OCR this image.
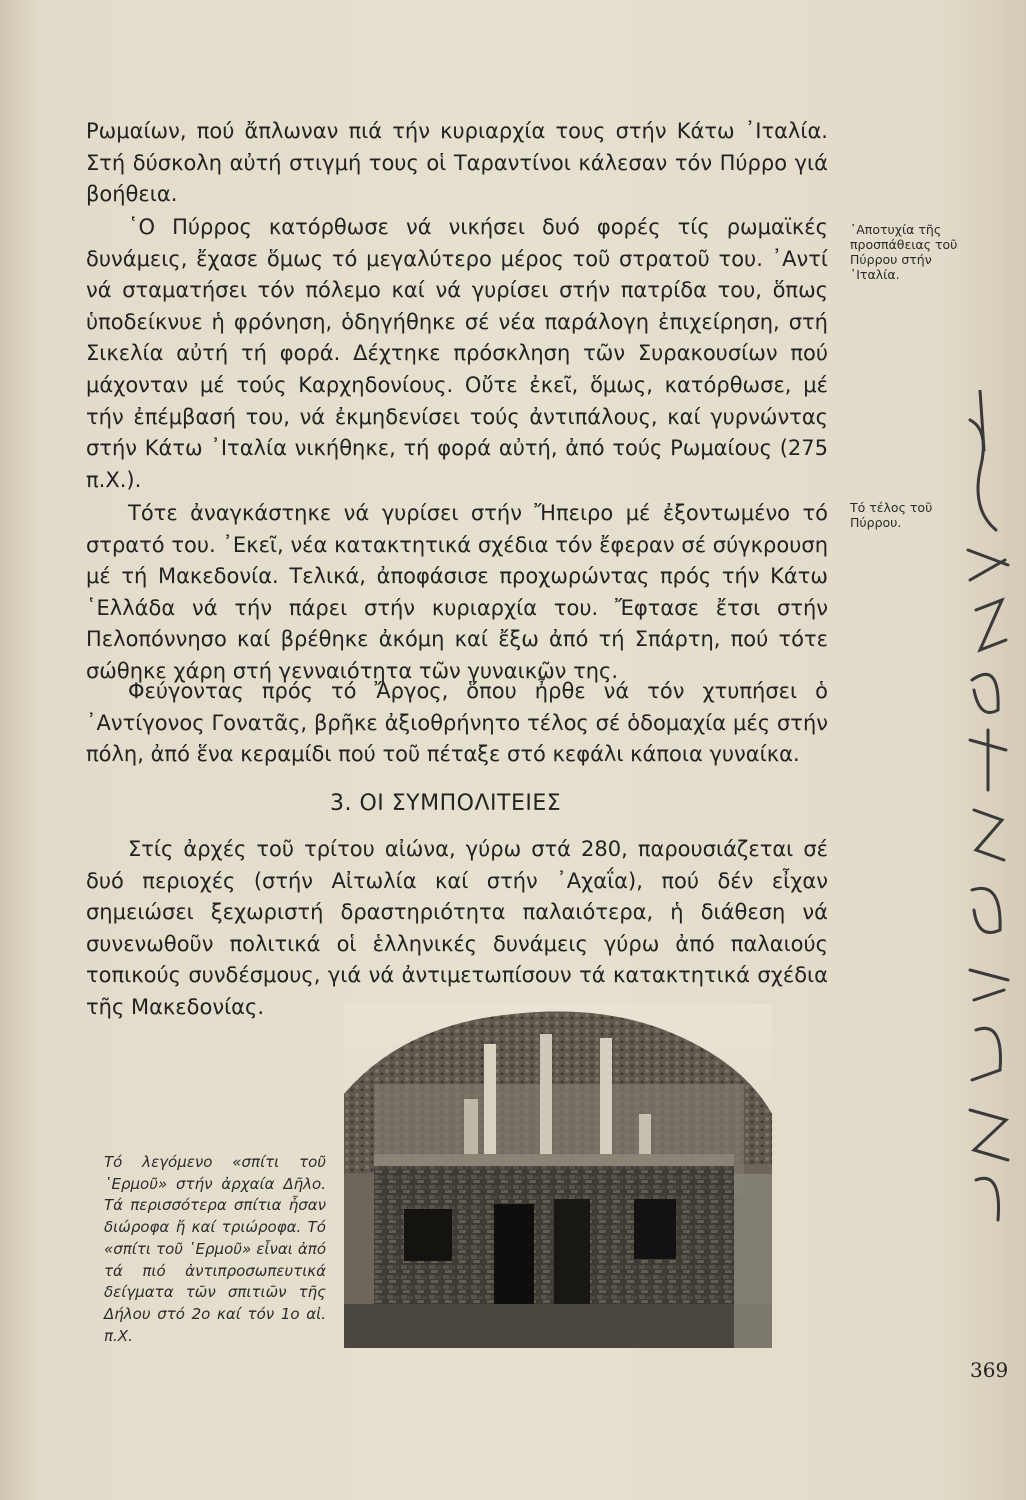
Ρωμαίων, πού ἄπλωναν πιά τήν κυριαρχία τους στήν Κάτω ᾿Ιταλία. Στή δύσκολη αὐτή στιγμή τους οἱ Ταραντίνοι κάλεσαν τόν Πύρρο γιά βοήθεια.

῾Ο Πύρρος κατόρθωσε νά νικήσει δυό φορές τίς ρωμαϊκές δυνάμεις, ἔχασε ὅμως τό μεγαλύτερο μέρος τοῦ στρατοῦ του. ᾿Αντί νά σταματήσει τόν πόλεμο καί νά γυρίσει στήν πατρίδα του, ὅπως ὑποδείκνυε ἡ φρόνηση, ὁδηγήθηκε σέ νέα παράλογη ἐπιχείρηση, στή Σικελία αὐτή τή φορά. Δέχτηκε πρόσκληση τῶν Συρακουσίων πού μάχονταν μέ τούς Καρχηδονίους. Οὔτε ἐκεῖ, ὅμως, κατόρθωσε, μέ τήν ἐπέμβασή του, νά ἐκμηδενίσει τούς ἀντιπάλους, καί γυρνώντας στήν Κάτω ᾿Ιταλία νικήθηκε, τή φορά αὐτή, ἀπό τούς Ρωμαίους (275 π.Χ.).

Τότε ἀναγκάστηκε νά γυρίσει στήν Ἤπειρο μέ ἐξοντωμένο τό στρατό του. ᾿Εκεῖ, νέα κατακτητικά σχέδια τόν ἔφεραν σέ σύγκρουση μέ τή Μακεδονία. Τελικά, ἀποφάσισε προχωρώντας πρός τήν Κάτω ῾Ελλάδα νά τήν πάρει στήν κυριαρχία του. Ἔφτασε ἔτσι στήν Πελοπόννησο καί βρέθηκε ἀκόμη καί ἔξω ἀπό τή Σπάρτη, πού τότε σώθηκε χάρη στή γενναιότητα τῶν γυναικῶν της.

Φεύγοντας πρός τό Ἄργος, ὅπου ἦρθε νά τόν χτυπήσει ὁ ᾿Αντίγονος Γονατᾶς, βρῆκε ἀξιοθρήνητο τέλος σέ ὁδομαχία μές στήν πόλη, ἀπό ἕνα κεραμίδι πού τοῦ πέταξε στό κεφάλι κάποια γυναίκα.

3. ΟΙ ΣΥΜΠΟΛΙΤΕΙΕΣ

Στίς ἀρχές τοῦ τρίτου αἰώνα, γύρω στά 280, παρουσιάζεται σέ δυό περιοχές (στήν Αἰτωλία καί στήν ᾿Αχαΐα), πού δέν εἶχαν σημειώσει ξεχωριστή δραστηριότητα παλαιότερα, ἡ διάθεση νά συνενωθοῦν πολιτικά οἱ ἑλληνικές δυνάμεις γύρω ἀπό παλαιούς τοπικούς συνδέσμους, γιά νά ἀντιμετωπίσουν τά κατακτητικά σχέδια τῆς Μακεδονίας.

᾿Αποτυχία τῆς προσπάθειας τοῦ Πύρρου στήν ᾿Ιταλία.

Τό τέλος τοῦ Πύρρου.

Τό λεγόμενο «σπίτι τοῦ ῾Ερμοῦ» στήν ἀρχαία Δῆλο. Τά περισσότερα σπίτια ἦσαν διώροφα ἤ καί τριώροφα. Τό «σπίτι τοῦ ῾Ερμοῦ» εἶναι ἀπό τά πιό ἀντιπροσωπευτικά δείγματα τῶν σπιτιῶν τῆς Δήλου στό 2ο καί τόν 1ο αἰ. π.Χ.

369
